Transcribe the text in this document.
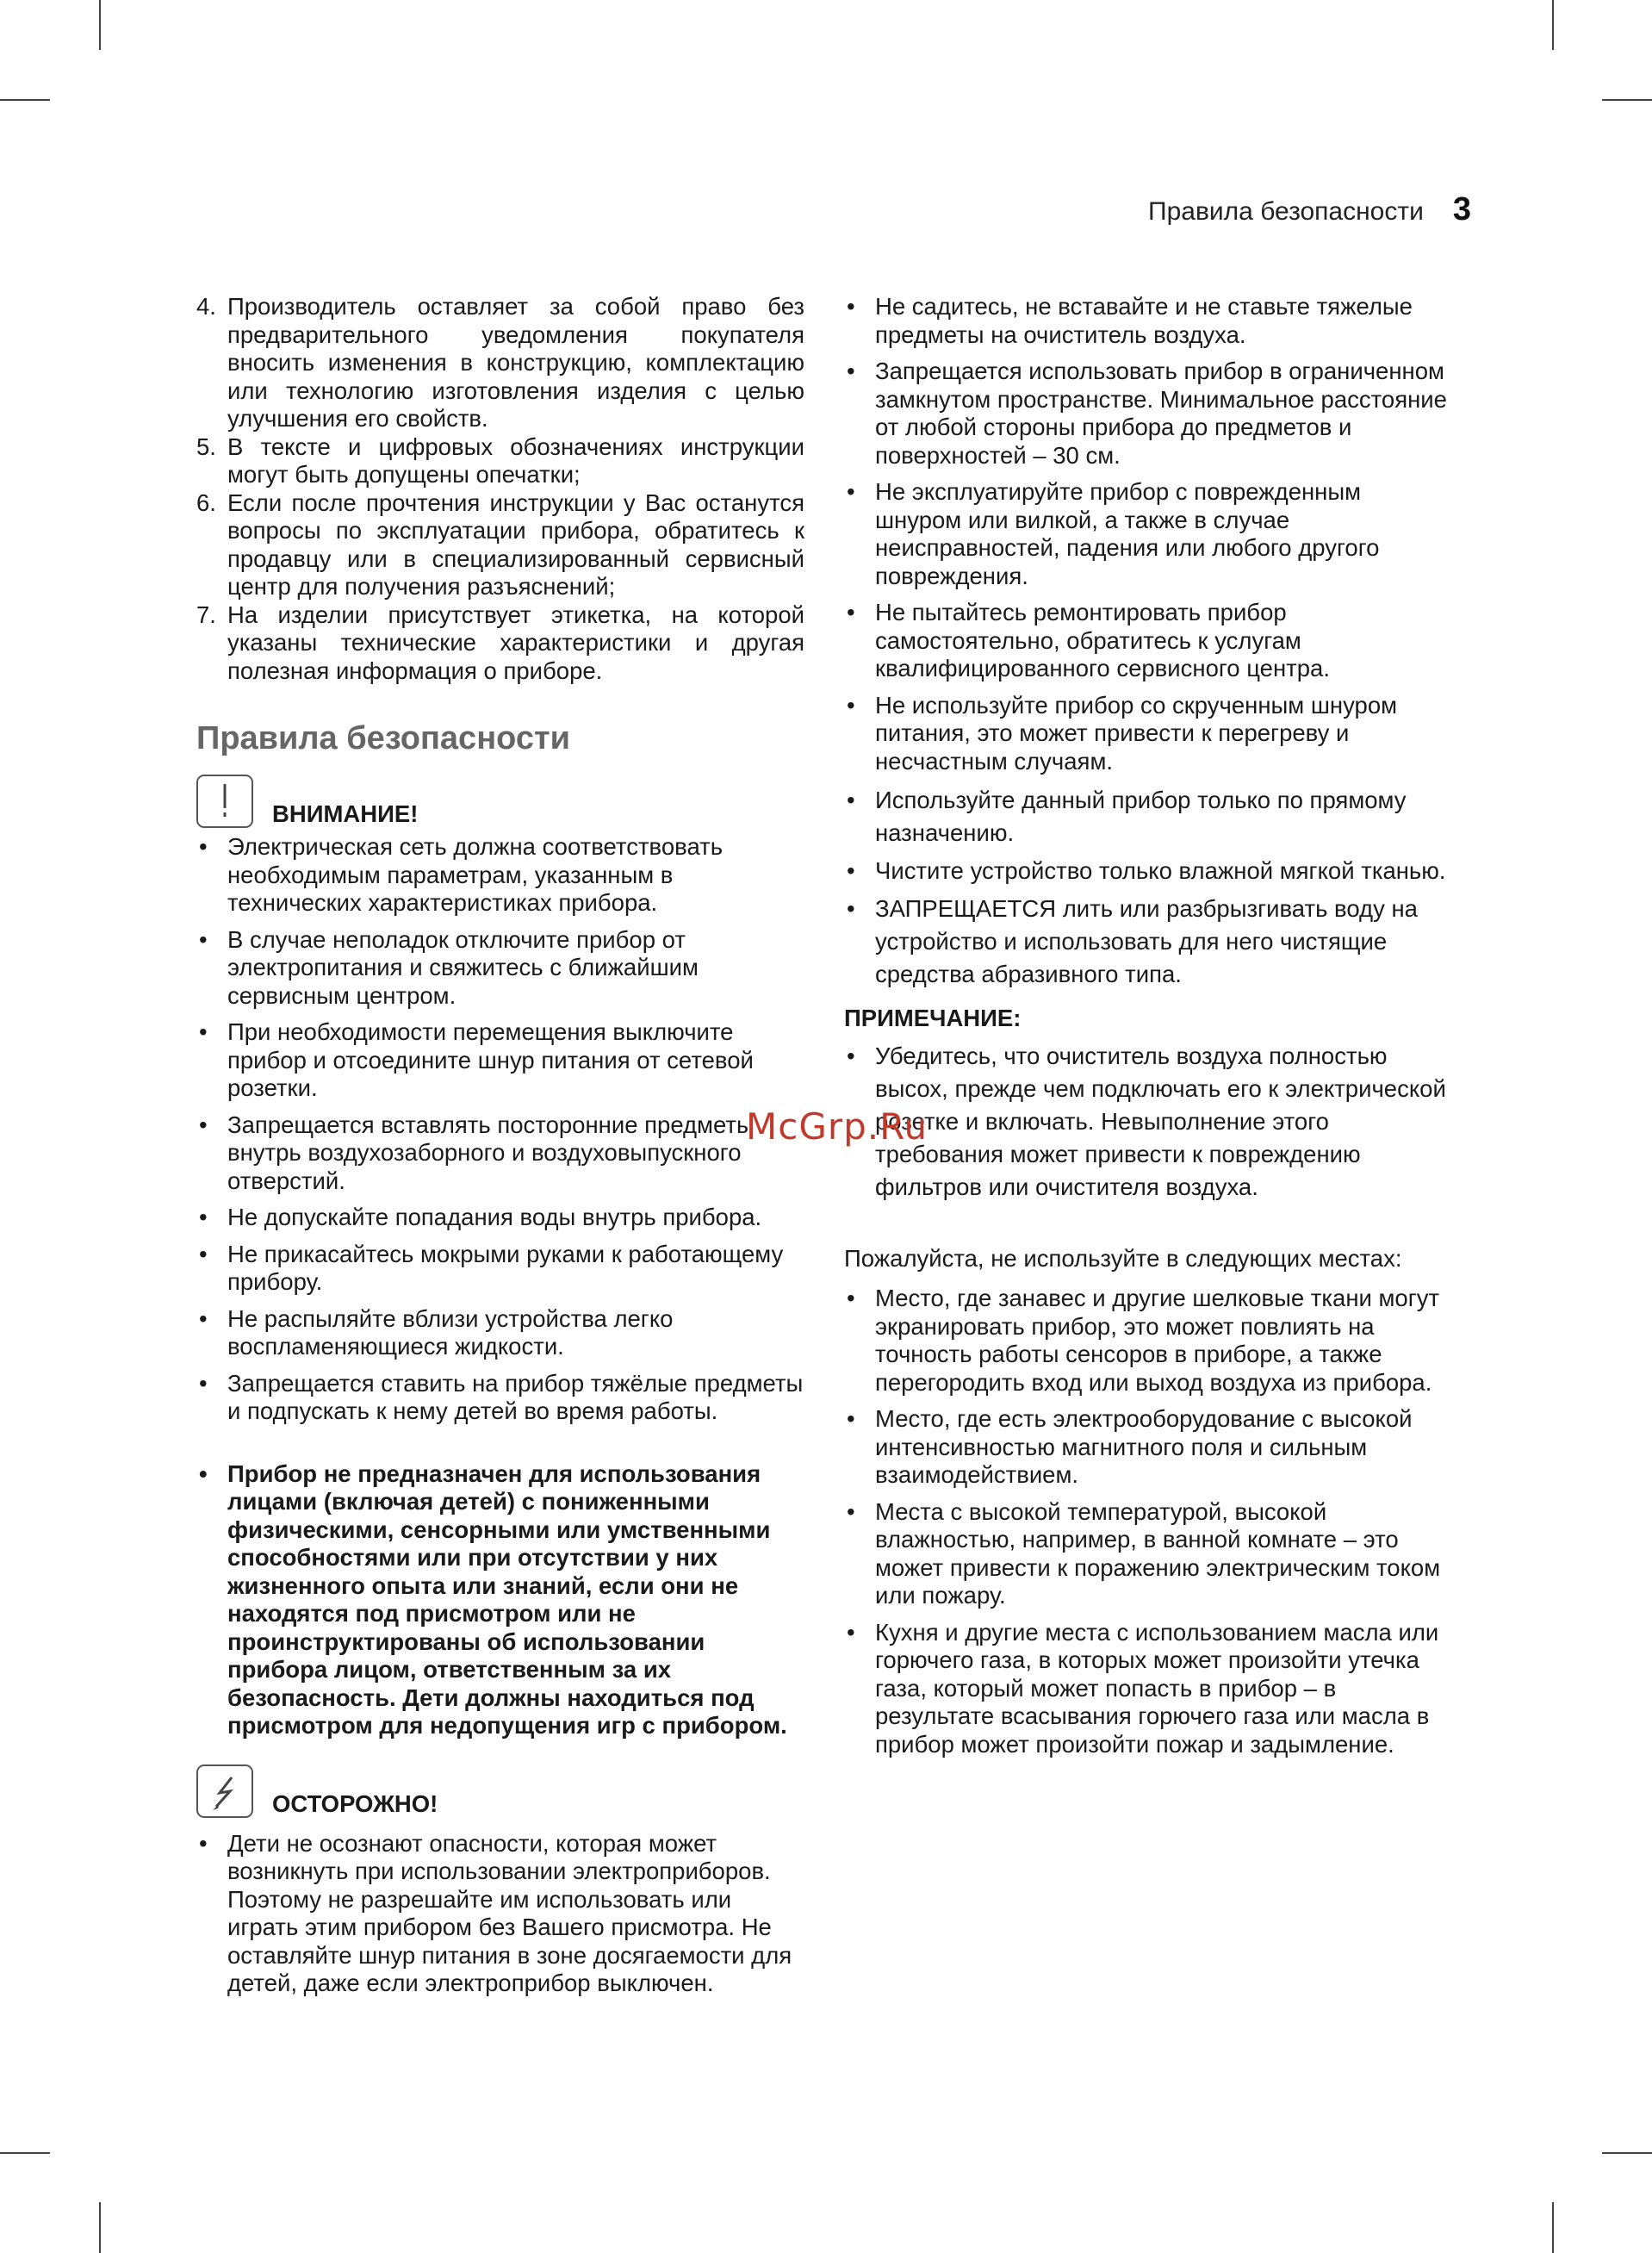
Правила безопасности 3
4. Производитель оставляет за собой право без предварительного уведомления покупателя вносить изменения в конструкцию, комплектацию или технологию изготовления изделия с целью улучшения его свойств.
5. В тексте и цифровых обозначениях инструкции могут быть допущены опечатки;
6. Если после прочтения инструкции у Вас останутся вопросы по эксплуатации прибора, обратитесь к продавцу или в специализированный сервисный центр для получения разъяснений;
7. На изделии присутствует этикетка, на которой указаны технические характеристики и другая полезная информация о приборе.
Правила безопасности
ВНИМАНИЕ!
• Электрическая сеть должна соответствовать необходимым параметрам, указанным в технических характеристиках прибора.
• В случае неполадок отключите прибор от электропитания и свяжитесь с ближайшим сервисным центром.
• При необходимости перемещения выключите прибор и отсоедините шнур питания от сетевой розетки.
• Запрещается вставлять посторонние предметы внутрь воздухозаборного и воздуховыпускного отверстий.
• Не допускайте попадания воды внутрь прибора.
• Не прикасайтесь мокрыми руками к работающему прибору.
• Не распыляйте вблизи устройства легко воспламеняющиеся жидкости.
• Запрещается ставить на прибор тяжёлые предметы и подпускать к нему детей во время работы.
• Прибор не предназначен для использования лицами (включая детей) с пониженными физическими, сенсорными или умственными способностями или при отсутствии у них жизненного опыта или знаний, если они не находятся под присмотром или не проинструктированы об использовании прибора лицом, ответственным за их безопасность. Дети должны находиться под присмотром для недопущения игр с прибором.
ОСТОРОЖНО!
• Дети не осознают опасности, которая может возникнуть при использовании электроприборов. Поэтому не разрешайте им использовать или играть этим прибором без Вашего присмотра. Не оставляйте шнур питания в зоне досягаемости для детей, даже если электроприбор выключен.
• Не садитесь, не вставайте и не ставьте тяжелые предметы на очиститель воздуха.
• Запрещается использовать прибор в ограниченном замкнутом пространстве. Минимальное расстояние от любой стороны прибора до предметов и поверхностей – 30 см.
• Не эксплуатируйте прибор с поврежденным шнуром или вилкой, а также в случае неисправностей, падения или любого другого повреждения.
• Не пытайтесь ремонтировать прибор самостоятельно, обратитесь к услугам квалифицированного сервисного центра.
• Не используйте прибор со скрученным шнуром питания, это может привести к перегреву и несчастным случаям.
• Используйте данный прибор только по прямому назначению.
• Чистите устройство только влажной мягкой тканью.
• ЗАПРЕЩАЕТСЯ лить или разбрызгивать воду на устройство и использовать для него чистящие средства абразивного типа.
ПРИМЕЧАНИЕ:
• Убедитесь, что очиститель воздуха полностью высох, прежде чем подключать его к электрической розетке и включать. Невыполнение этого требования может привести к повреждению фильтров или очистителя воздуха.

Пожалуйста, не используйте в следующих местах:

• Место, где занавес и другие шелковые ткани могут экранировать прибор, это может повлиять на точность работы сенсоров в приборе, а также перегородить вход или выход воздуха из прибора.
• Место, где есть электрооборудование с высокой интенсивностью магнитного поля и сильным взаимодействием.
• Места с высокой температурой, высокой влажностью, например, в ванной комнате – это может привести к поражению электрическим током или пожару.
• Кухня и другие места с использованием масла или горючего газа, в которых может произойти утечка газа, который может попасть в прибор – в результате всасывания горючего газа или масла в прибор может произойти пожар и задымление.
McGrp.Ru
